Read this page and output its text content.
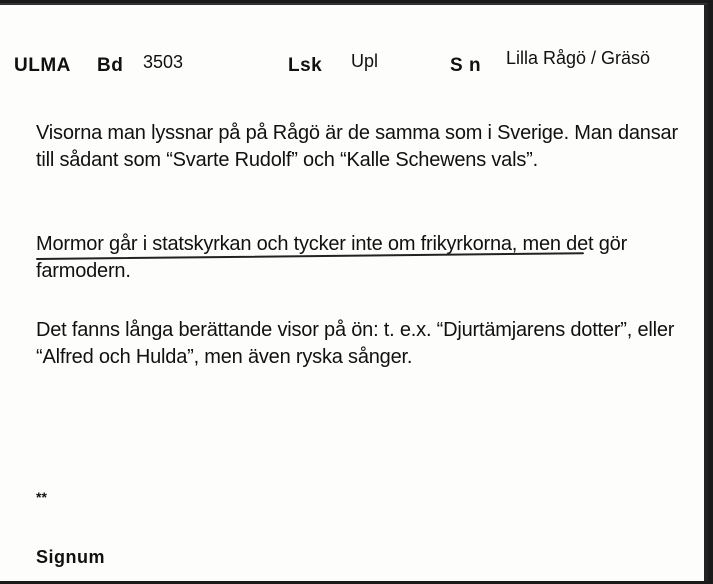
ULMA Bd 3503	Lsk Upl	S n Lilla Rågö / Gräsö
Visorna man lyssnar på på Rågö är de samma som i Sverige. Man dansar till sådant som “Svarte Rudolf” och “Kalle Schewens vals”.
Mormor går i statskyrkan och tycker inte om frikyrkorna, men det gör farmodern.
Det fanns långa berättande visor på ön: t. e.x. “Djurtämjarens dotter”, eller “Alfred och Hulda”, men även ryska sånger.
**
Signum
